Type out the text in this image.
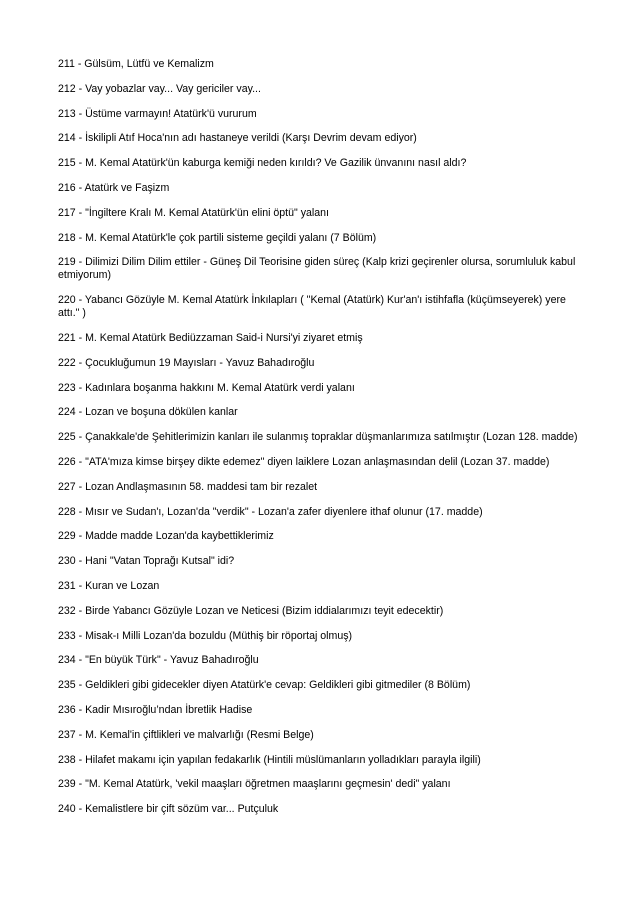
211 - Gülsüm, Lütfü ve Kemalizm

212 - Vay yobazlar vay... Vay gericiler vay...

213 - Üstüme varmayın! Atatürk'ü vururum

214 - İskilipli Atıf Hoca'nın adı hastaneye verildi (Karşı Devrim devam ediyor)

215 - M. Kemal Atatürk'ün kaburga kemiği neden kırıldı? Ve Gazilik ünvanını nasıl aldı?

216 - Atatürk ve Faşizm

217 - "İngiltere Kralı M. Kemal Atatürk'ün elini öptü" yalanı

218 - M. Kemal Atatürk'le çok partili sisteme geçildi yalanı (7 Bölüm)

219 - Dilimizi Dilim Dilim ettiler - Güneş Dil Teorisine giden süreç (Kalp krizi geçirenler olursa, sorumluluk kabul etmiyorum)

220 - Yabancı Gözüyle M. Kemal Atatürk İnkılapları ( "Kemal (Atatürk) Kur'an'ı istihfafla (küçümseyerek) yere attı." )

221 - M. Kemal Atatürk Bediüzzaman Said-i Nursi'yi ziyaret etmiş

222 - Çocukluğumun 19 Mayısları - Yavuz Bahadıroğlu

223 - Kadınlara boşanma hakkını M. Kemal Atatürk verdi yalanı

224 - Lozan ve boşuna dökülen kanlar

225 - Çanakkale'de Şehitlerimizin kanları ile sulanmış topraklar düşmanlarımıza satılmıştır (Lozan 128. madde)

226 - "ATA'mıza kimse birşey dikte edemez" diyen laiklere Lozan anlaşmasından delil (Lozan 37. madde)

227 - Lozan Andlaşmasının 58. maddesi tam bir rezalet

228 - Mısır ve Sudan'ı, Lozan'da "verdik" - Lozan'a zafer diyenlere ithaf olunur (17. madde)

229 - Madde madde Lozan'da kaybettiklerimiz

230 - Hani "Vatan Toprağı Kutsal" idi?

231 - Kuran ve Lozan

232 - Birde Yabancı Gözüyle Lozan ve Neticesi (Bizim iddialarımızı teyit edecektir)

233 - Misak-ı Milli Lozan'da bozuldu (Müthiş bir röportaj olmuş)

234 - "En büyük Türk" - Yavuz Bahadıroğlu

235 - Geldikleri gibi gidecekler diyen Atatürk'e cevap: Geldikleri gibi gitmediler (8 Bölüm)

236 - Kadir Mısıroğlu’ndan İbretlik Hadise

237 - M. Kemal'in çiftlikleri ve malvarlığı (Resmi Belge)

238 - Hilafet makamı için yapılan fedakarlık (Hintili müslümanların yolladıkları parayla ilgili)

239 - "M. Kemal Atatürk, 'vekil maaşları öğretmen maaşlarını geçmesin' dedi" yalanı

240 - Kemalistlere bir çift sözüm var... Putçuluk
